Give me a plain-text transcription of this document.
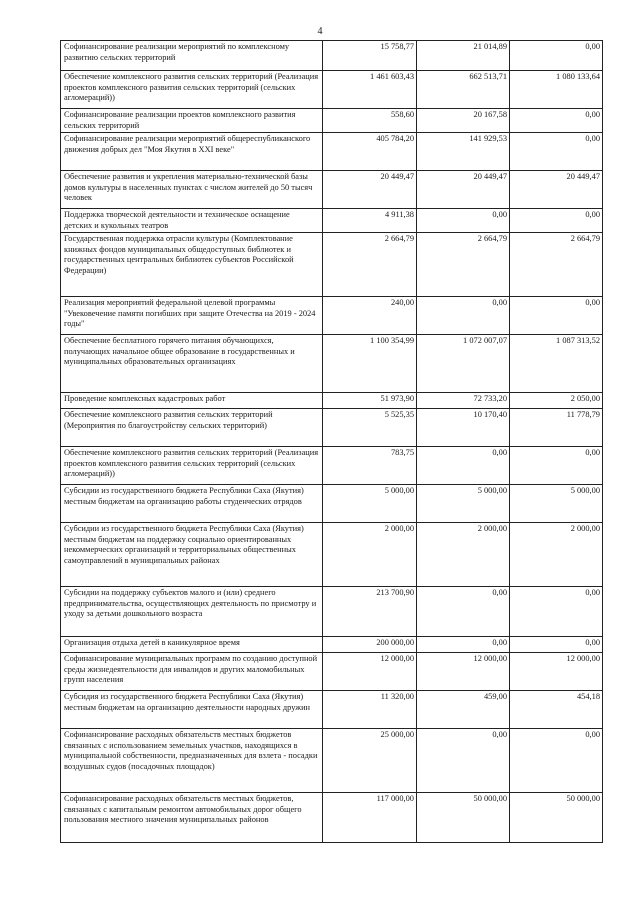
4
Софинансирование реализации мероприятий по комплексному развитию сельских территорий	15 758,77	21 014,89	0,00
Обеспечение комплексного развития сельских территорий (Реализация проектов комплексного развития сельских территорий (сельских агломераций))	1 461 603,43	662 513,71	1 080 133,64
Софинансирование реализации проектов комплексного развития сельских территорий	558,60	20 167,58	0,00
Софинансирование реализации мероприятий общереспубликанского движения добрых дел "Моя Якутия в XXI веке"	405 784,20	141 929,53	0,00
Обеспечение развития и укрепления материально-технической базы домов культуры в населенных пунктах с числом жителей до 50 тысяч человек	20 449,47	20 449,47	20 449,47
Поддержка творческой деятельности и техническое оснащение детских и кукольных театров	4 911,38	0,00	0,00
Государственная поддержка отрасли культуры (Комплектование книжных фондов муниципальных общедоступных библиотек и государственных центральных библиотек субъектов Российской Федерации)	2 664,79	2 664,79	2 664,79
Реализация мероприятий федеральной целевой программы "Увековечение памяти погибших при защите Отечества на 2019 - 2024 годы"	240,00	0,00	0,00
Обеспечение бесплатного горячего питания обучающихся, получающих начальное общее образование в государственных и муниципальных образовательных организациях	1 100 354,99	1 072 007,07	1 087 313,52
Проведение комплексных кадастровых работ	51 973,90	72 733,20	2 050,00
Обеспечение комплексного развития сельских территорий (Мероприятия по благоустройству сельских территорий)	5 525,35	10 170,40	11 778,79
Обеспечение комплексного развития сельских территорий (Реализация проектов комплексного развития сельских территорий (сельских агломераций))	783,75	0,00	0,00
Субсидии из государственного бюджета Республики Саха (Якутия) местным бюджетам на организацию работы студенческих отрядов	5 000,00	5 000,00	5 000,00
Субсидии из государственного бюджета Республики Саха (Якутия) местным бюджетам на поддержку социально ориентированных некоммерческих организаций и территориальных общественных самоуправлений в муниципальных районах	2 000,00	2 000,00	2 000,00
Субсидии на поддержку субъектов малого и (или) среднего предпринимательства, осуществляющих деятельность по присмотру и уходу за детьми дошкольного возраста	213 700,90	0,00	0,00
Организация отдыха детей в каникулярное время	200 000,00	0,00	0,00
Софинансирование муниципальных программ по созданию доступной среды жизнедеятельности для инвалидов и других маломобильных групп населения	12 000,00	12 000,00	12 000,00
Субсидия из государственного бюджета Республики Саха (Якутия) местным бюджетам на организацию деятельности народных дружин	11 320,00	459,00	454,18
Софинансирование расходных обязательств местных бюджетов связанных с использованием земельных участков, находящихся в муниципальной собственности, предназначенных для взлета - посадки воздушных судов (посадочных площадок)	25 000,00	0,00	0,00
Софинансирование расходных обязательств местных бюджетов, связанных с капитальным ремонтом автомобильных дорог общего пользования местного значения муниципальных районов	117 000,00	50 000,00	50 000,00
